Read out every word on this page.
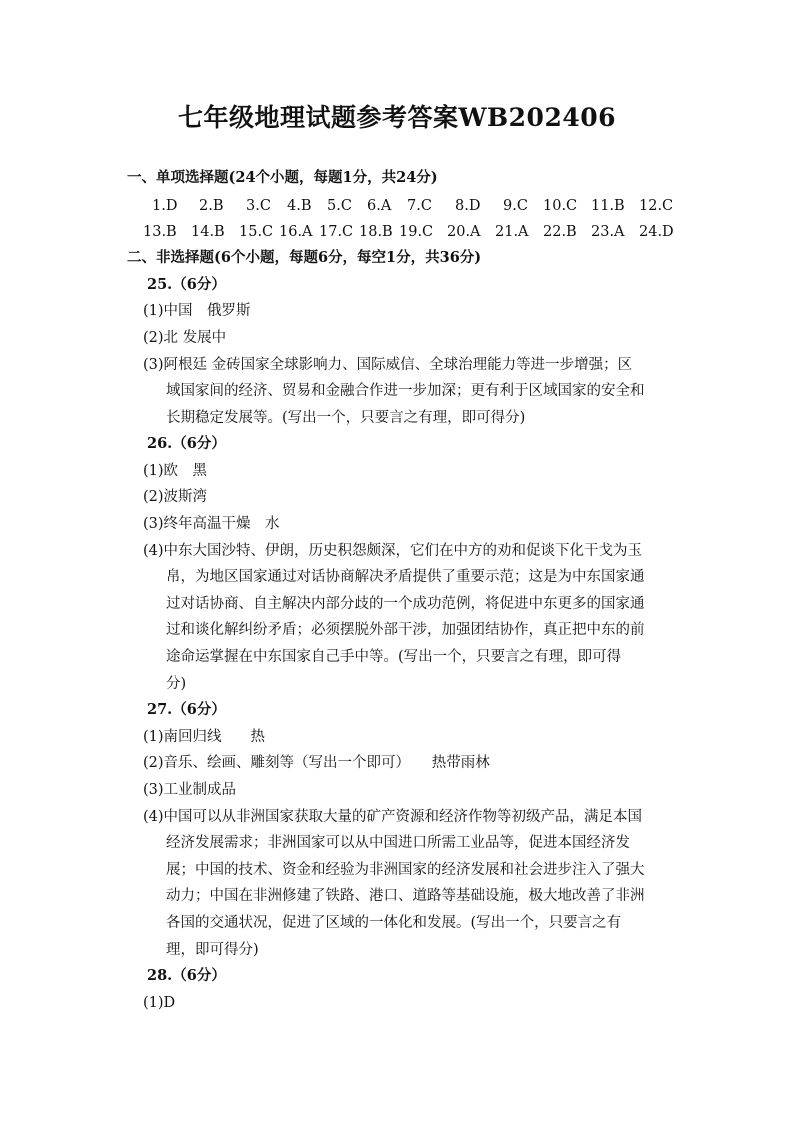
七年级地理试题参考答案WB202406
一、单项选择题(24个小题，每题1分，共24分)
1.D 2.B 3.C 4.B 5.C 6.A 7.C 8.D 9.C 10.C 11.B 12.C
13.B 14.B 15.C 16.A 17.C 18.B 19.C 20.A 21.A 22.B 23.A 24.D
二、非选择题(6个小题，每题6分，每空1分，共36分)
25.（6分）
(1)中国　俄罗斯
(2)北 发展中
(3)阿根廷 金砖国家全球影响力、国际威信、全球治理能力等进一步增强；区
域国家间的经济、贸易和金融合作进一步加深；更有利于区域国家的安全和
长期稳定发展等。(写出一个，只要言之有理，即可得分)
26.（6分）
(1)欧　黑
(2)波斯湾
(3)终年高温干燥　水
(4)中东大国沙特、伊朗，历史积怨颇深，它们在中方的劝和促谈下化干戈为玉
帛，为地区国家通过对话协商解决矛盾提供了重要示范；这是为中东国家通
过对话协商、自主解决内部分歧的一个成功范例，将促进中东更多的国家通
过和谈化解纠纷矛盾；必须摆脱外部干涉，加强团结协作，真正把中东的前
途命运掌握在中东国家自己手中等。(写出一个，只要言之有理，即可得
分)
27.（6分）
(1)南回归线　　热
(2)音乐、绘画、雕刻等（写出一个即可）　　热带雨林
(3)工业制成品
(4)中国可以从非洲国家获取大量的矿产资源和经济作物等初级产品，满足本国
经济发展需求；非洲国家可以从中国进口所需工业品等，促进本国经济发
展；中国的技术、资金和经验为非洲国家的经济发展和社会进步注入了强大
动力；中国在非洲修建了铁路、港口、道路等基础设施，极大地改善了非洲
各国的交通状况，促进了区域的一体化和发展。(写出一个，只要言之有
理，即可得分)
28.（6分）
(1)D
